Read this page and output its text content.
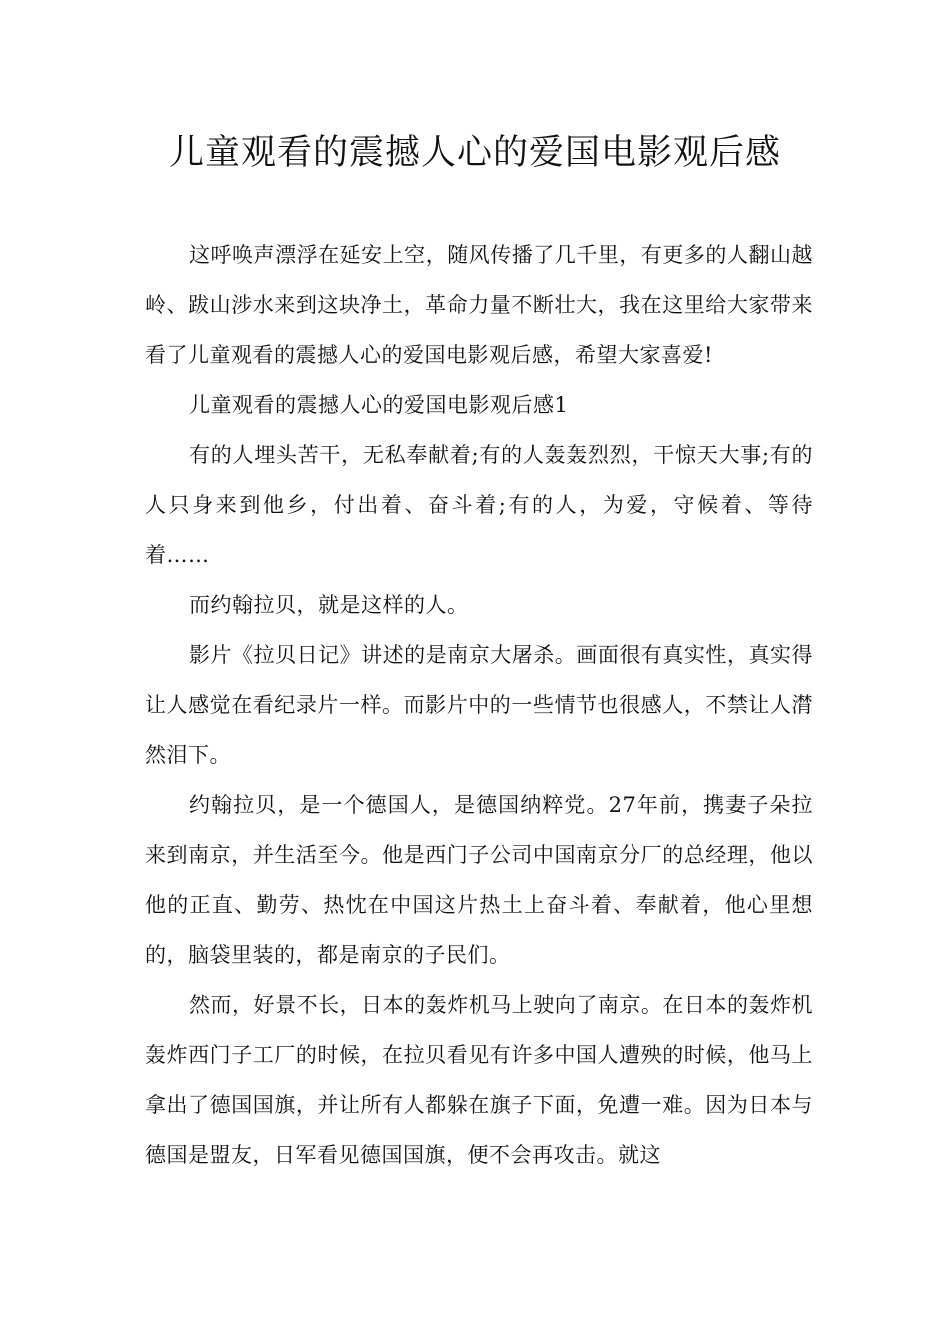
儿童观看的震撼人心的爱国电影观后感

这呼唤声漂浮在延安上空，随风传播了几千里，有更多的人翻山越岭、跋山涉水来到这块净土，革命力量不断壮大，我在这里给大家带来看了儿童观看的震撼人心的爱国电影观后感，希望大家喜爱!

儿童观看的震撼人心的爱国电影观后感1

有的人埋头苦干，无私奉献着;有的人轰轰烈烈，干惊天大事;有的人只身来到他乡，付出着、奋斗着;有的人，为爱，守候着、等待着……

而约翰拉贝，就是这样的人。

影片《拉贝日记》讲述的是南京大屠杀。画面很有真实性，真实得让人感觉在看纪录片一样。而影片中的一些情节也很感人，不禁让人潸然泪下。

约翰拉贝，是一个德国人，是德国纳粹党。27年前，携妻子朵拉来到南京，并生活至今。他是西门子公司中国南京分厂的总经理，他以他的正直、勤劳、热忱在中国这片热土上奋斗着、奉献着，他心里想的，脑袋里装的，都是南京的子民们。

然而，好景不长，日本的轰炸机马上驶向了南京。在日本的轰炸机轰炸西门子工厂的时候，在拉贝看见有许多中国人遭殃的时候，他马上拿出了德国国旗，并让所有人都躲在旗子下面，免遭一难。因为日本与德国是盟友，日军看见德国国旗，便不会再攻击。就这
